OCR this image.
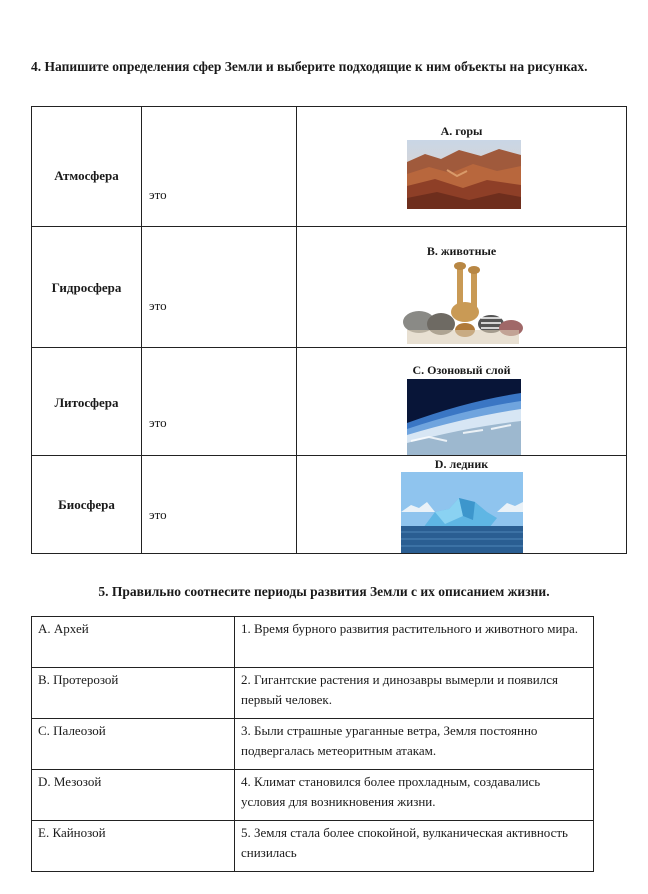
4. Напишите определения сфер Земли и выберите подходящие к ним объекты на рисунках.
Атмосфера	это	А. горы

Гидросфера	это	В. животные

Литосфера	это	С. Озоновый слой

Биосфера	это	D. ледник
5. Правильно соотнесите периоды развития Земли с их описанием жизни.
A. Архей	1. Время бурного развития растительного и животного мира.
B. Протерозой	2. Гигантские растения и динозавры вымерли и появился первый человек.
C. Палеозой	3. Были страшные ураганные ветра, Земля постоянно подвергалась метеоритным атакам.
D. Мезозой	4. Климат становился более прохладным, создавались условия для возникновения жизни.
E. Кайнозой	5. Земля стала более спокойной, вулканическая активность снизилась
